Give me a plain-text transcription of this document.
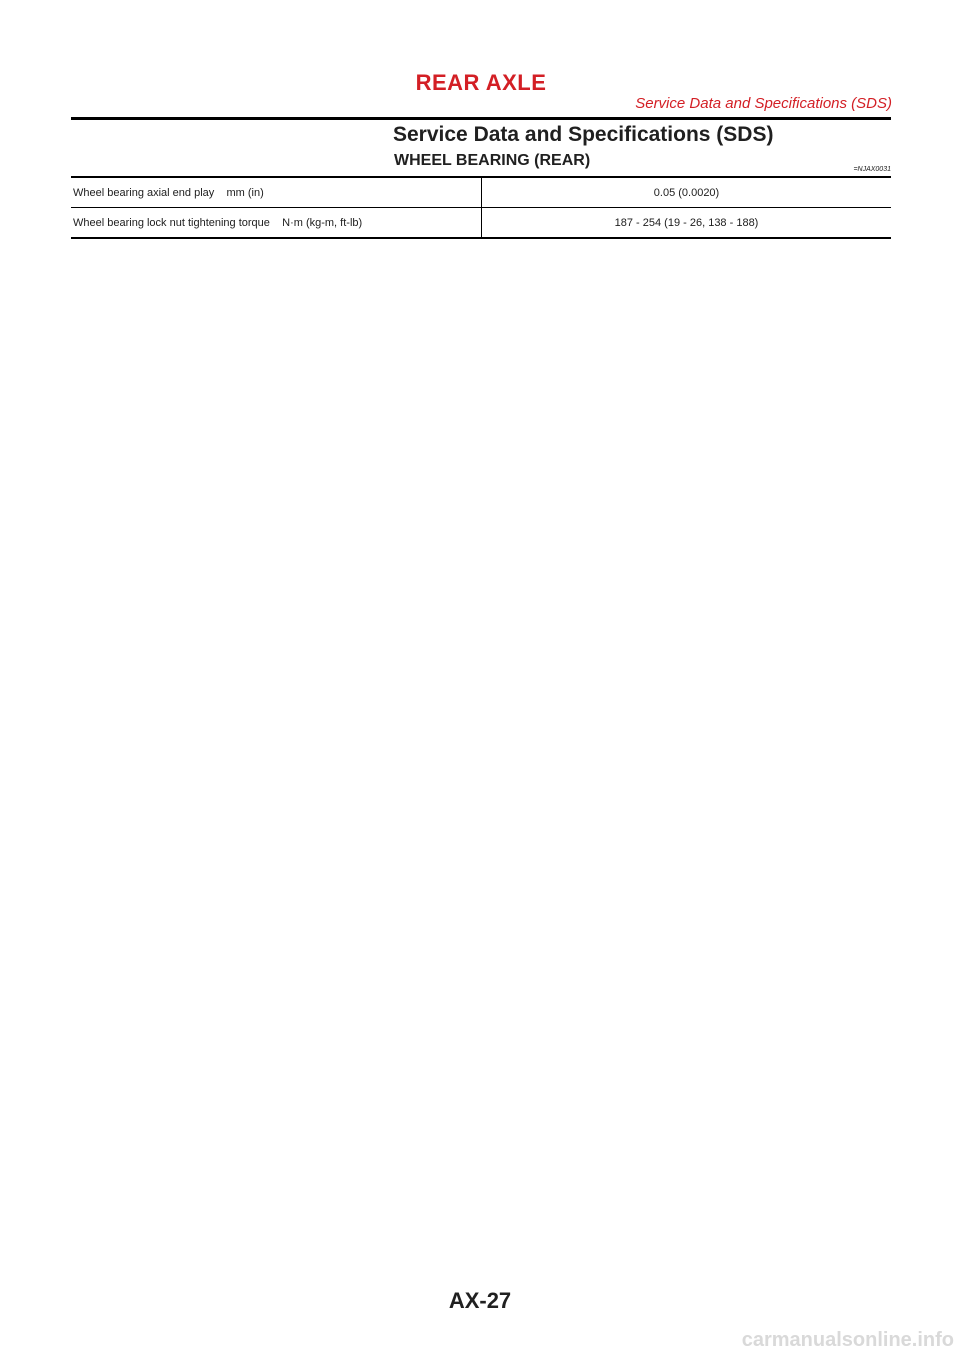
REAR AXLE
Service Data and Specifications (SDS)
Service Data and Specifications (SDS)
WHEEL BEARING (REAR)
=NJAX0031
Wheel bearing axial end play    mm (in)	0.05 (0.0020)
Wheel bearing lock nut tightening torque    N·m (kg-m, ft-lb)	187 - 254 (19 - 26, 138 - 188)
AX-27
carmanualsonline.info
